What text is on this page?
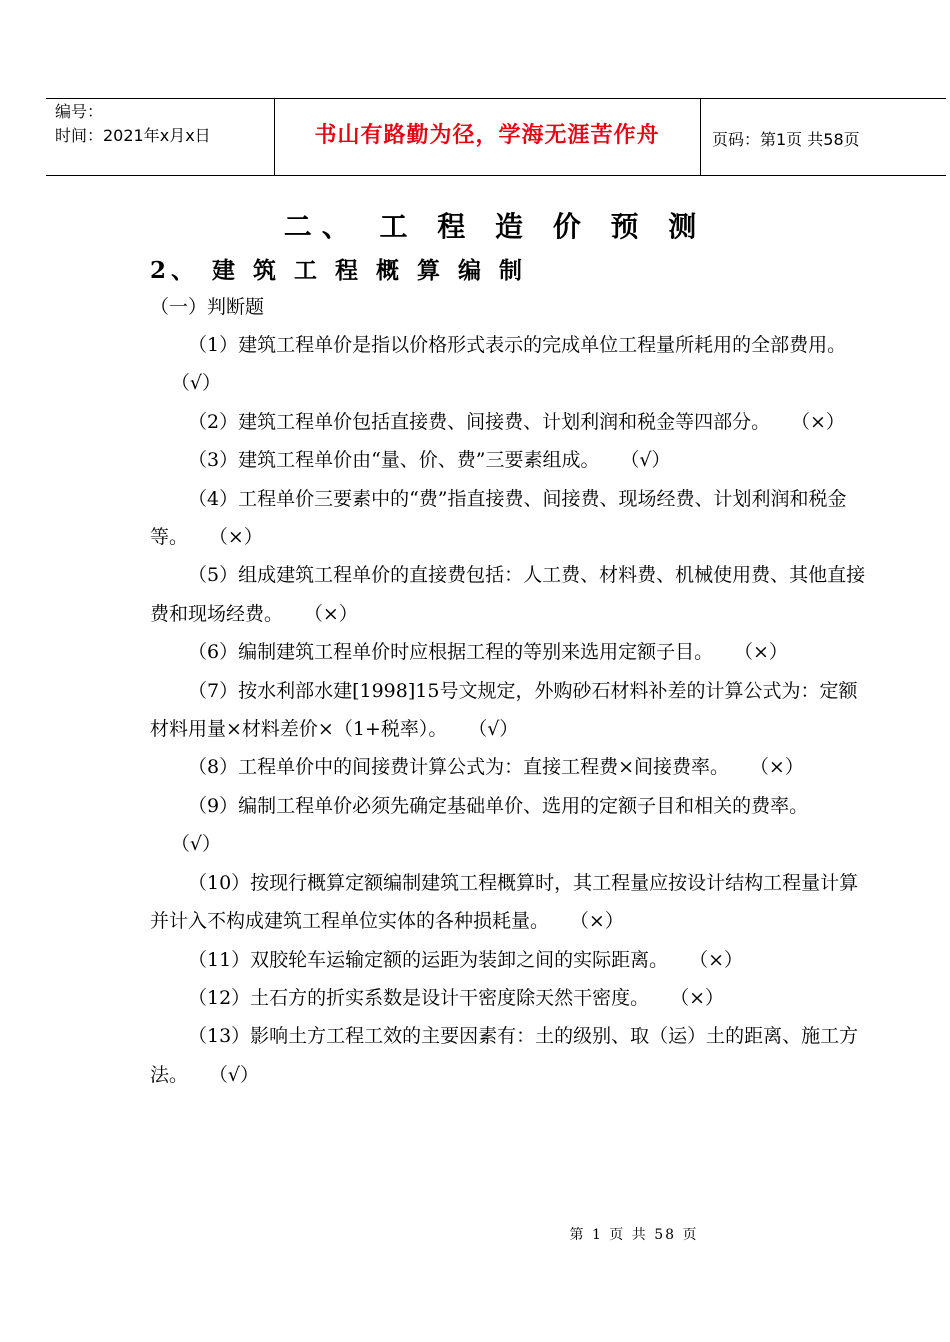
编号：
时间：2021年x月x日	书山有路勤为径，学海无涯苦作舟	页码：第1页 共58页
二、 工 程 造 价 预 测
2、 建 筑 工 程 概 算 编 制
（一）判断题

（1）建筑工程单价是指以价格形式表示的完成单位工程量所耗用的全部费用。（√）

（2）建筑工程单价包括直接费、间接费、计划利润和税金等四部分。 （×）

（3）建筑工程单价由“量、价、费”三要素组成。 （√）

（4）工程单价三要素中的“费”指直接费、间接费、现场经费、计划利润和税金等。 （×）

（5）组成建筑工程单价的直接费包括：人工费、材料费、机械使用费、其他直接费和现场经费。 （×）

（6）编制建筑工程单价时应根据工程的等别来选用定额子目。 （×）

（7）按水利部水建[1998]15号文规定，外购砂石材料补差的计算公式为：定额材料用量×材料差价×（1+税率）。 （√）

（8）工程单价中的间接费计算公式为：直接工程费×间接费率。 （×）

（9）编制工程单价必须先确定基础单价、选用的定额子目和相关的费率。（√）

（10）按现行概算定额编制建筑工程概算时，其工程量应按设计结构工程量计算并计入不构成建筑工程单位实体的各种损耗量。 （×）

（11）双胶轮车运输定额的运距为装卸之间的实际距离。 （×）

（12）土石方的折实系数是设计干密度除天然干密度。 （×）

（13）影响土方工程工效的主要因素有：土的级别、取（运）土的距离、施工方法。 （√）

第 1 页 共 58 页
